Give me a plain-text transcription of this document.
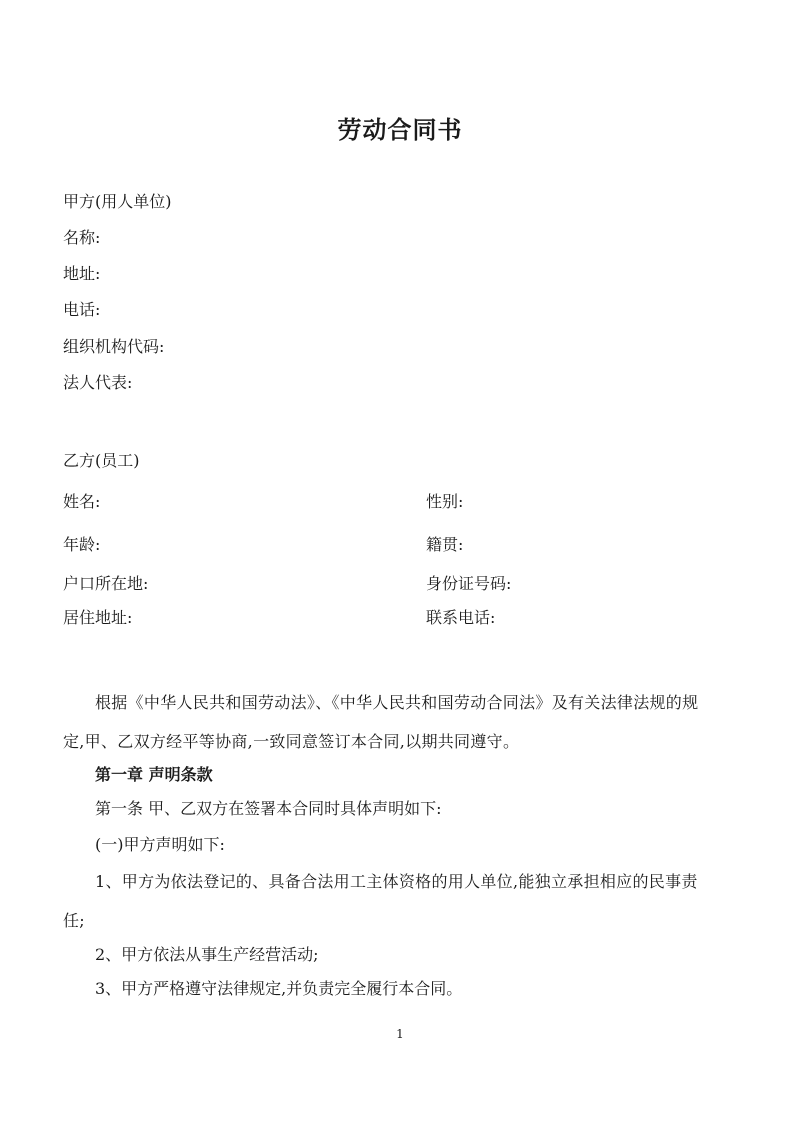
劳动合同书
甲方(用人单位)
名称:
地址:
电话:
组织机构代码:
法人代表:
乙方(员工)
姓名:	性别:
年龄:	籍贯:
户口所在地:	身份证号码:
居住地址:	联系电话:
根据《中华人民共和国劳动法》、《中华人民共和国劳动合同法》及有关法律法规的规定,甲、乙双方经平等协商,一致同意签订本合同,以期共同遵守。
第一章 声明条款
第一条 甲、乙双方在签署本合同时具体声明如下:
(一)甲方声明如下:
1、甲方为依法登记的、具备合法用工主体资格的用人单位,能独立承担相应的民事责任;
2、甲方依法从事生产经营活动;
3、甲方严格遵守法律规定,并负责完全履行本合同。
1
